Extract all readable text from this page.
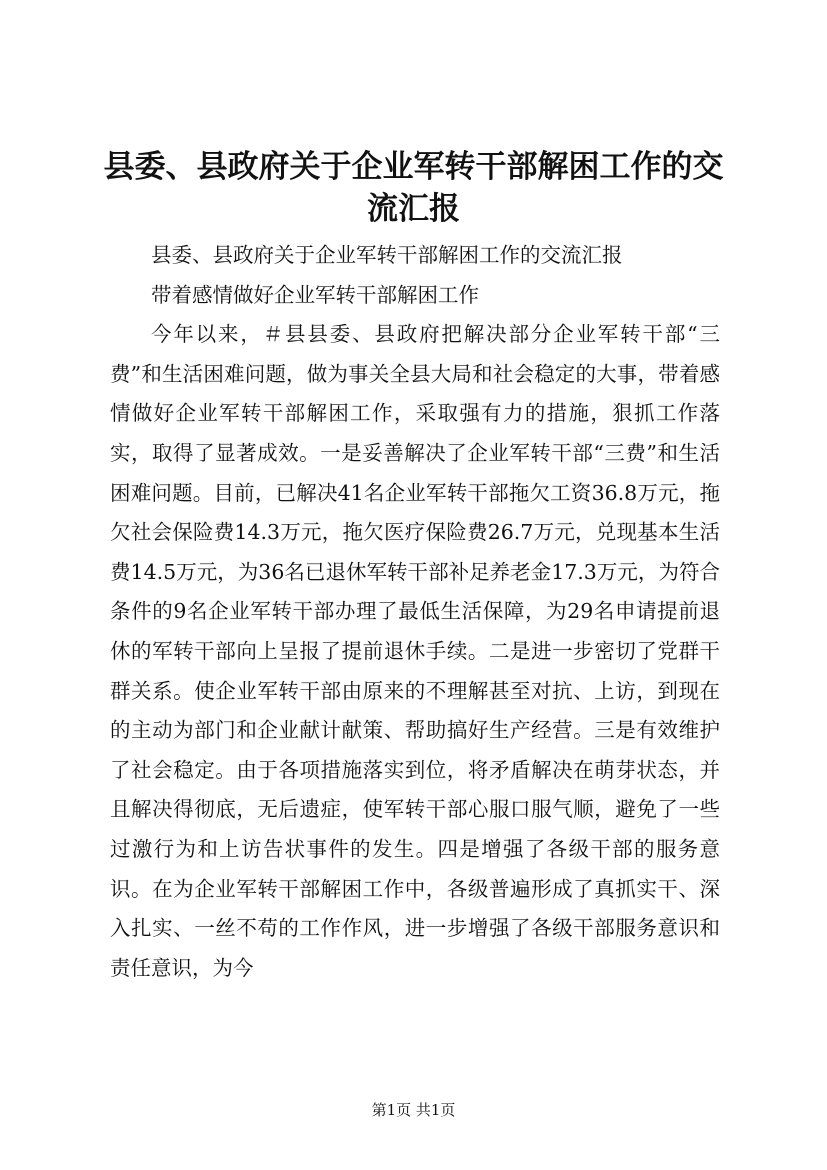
县委、县政府关于企业军转干部解困工作的交流汇报

县委、县政府关于企业军转干部解困工作的交流汇报

带着感情做好企业军转干部解困工作

今年以来，＃县县委、县政府把解决部分企业军转干部“三费”和生活困难问题，做为事关全县大局和社会稳定的大事，带着感情做好企业军转干部解困工作，采取强有力的措施，狠抓工作落实，取得了显著成效。一是妥善解决了企业军转干部“三费”和生活困难问题。目前，已解决41名企业军转干部拖欠工资36.8万元，拖欠社会保险费14.3万元，拖欠医疗保险费26.7万元，兑现基本生活费14.5万元，为36名已退休军转干部补足养老金17.3万元，为符合条件的9名企业军转干部办理了最低生活保障，为29名申请提前退休的军转干部向上呈报了提前退休手续。二是进一步密切了党群干群关系。使企业军转干部由原来的不理解甚至对抗、上访，到现在的主动为部门和企业献计献策、帮助搞好生产经营。三是有效维护了社会稳定。由于各项措施落实到位，将矛盾解决在萌芽状态，并且解决得彻底，无后遗症，使军转干部心服口服气顺，避免了一些过激行为和上访告状事件的发生。四是增强了各级干部的服务意识。在为企业军转干部解困工作中，各级普遍形成了真抓实干、深入扎实、一丝不苟的工作作风，进一步增强了各级干部服务意识和责任意识，为今

第1页 共1页
